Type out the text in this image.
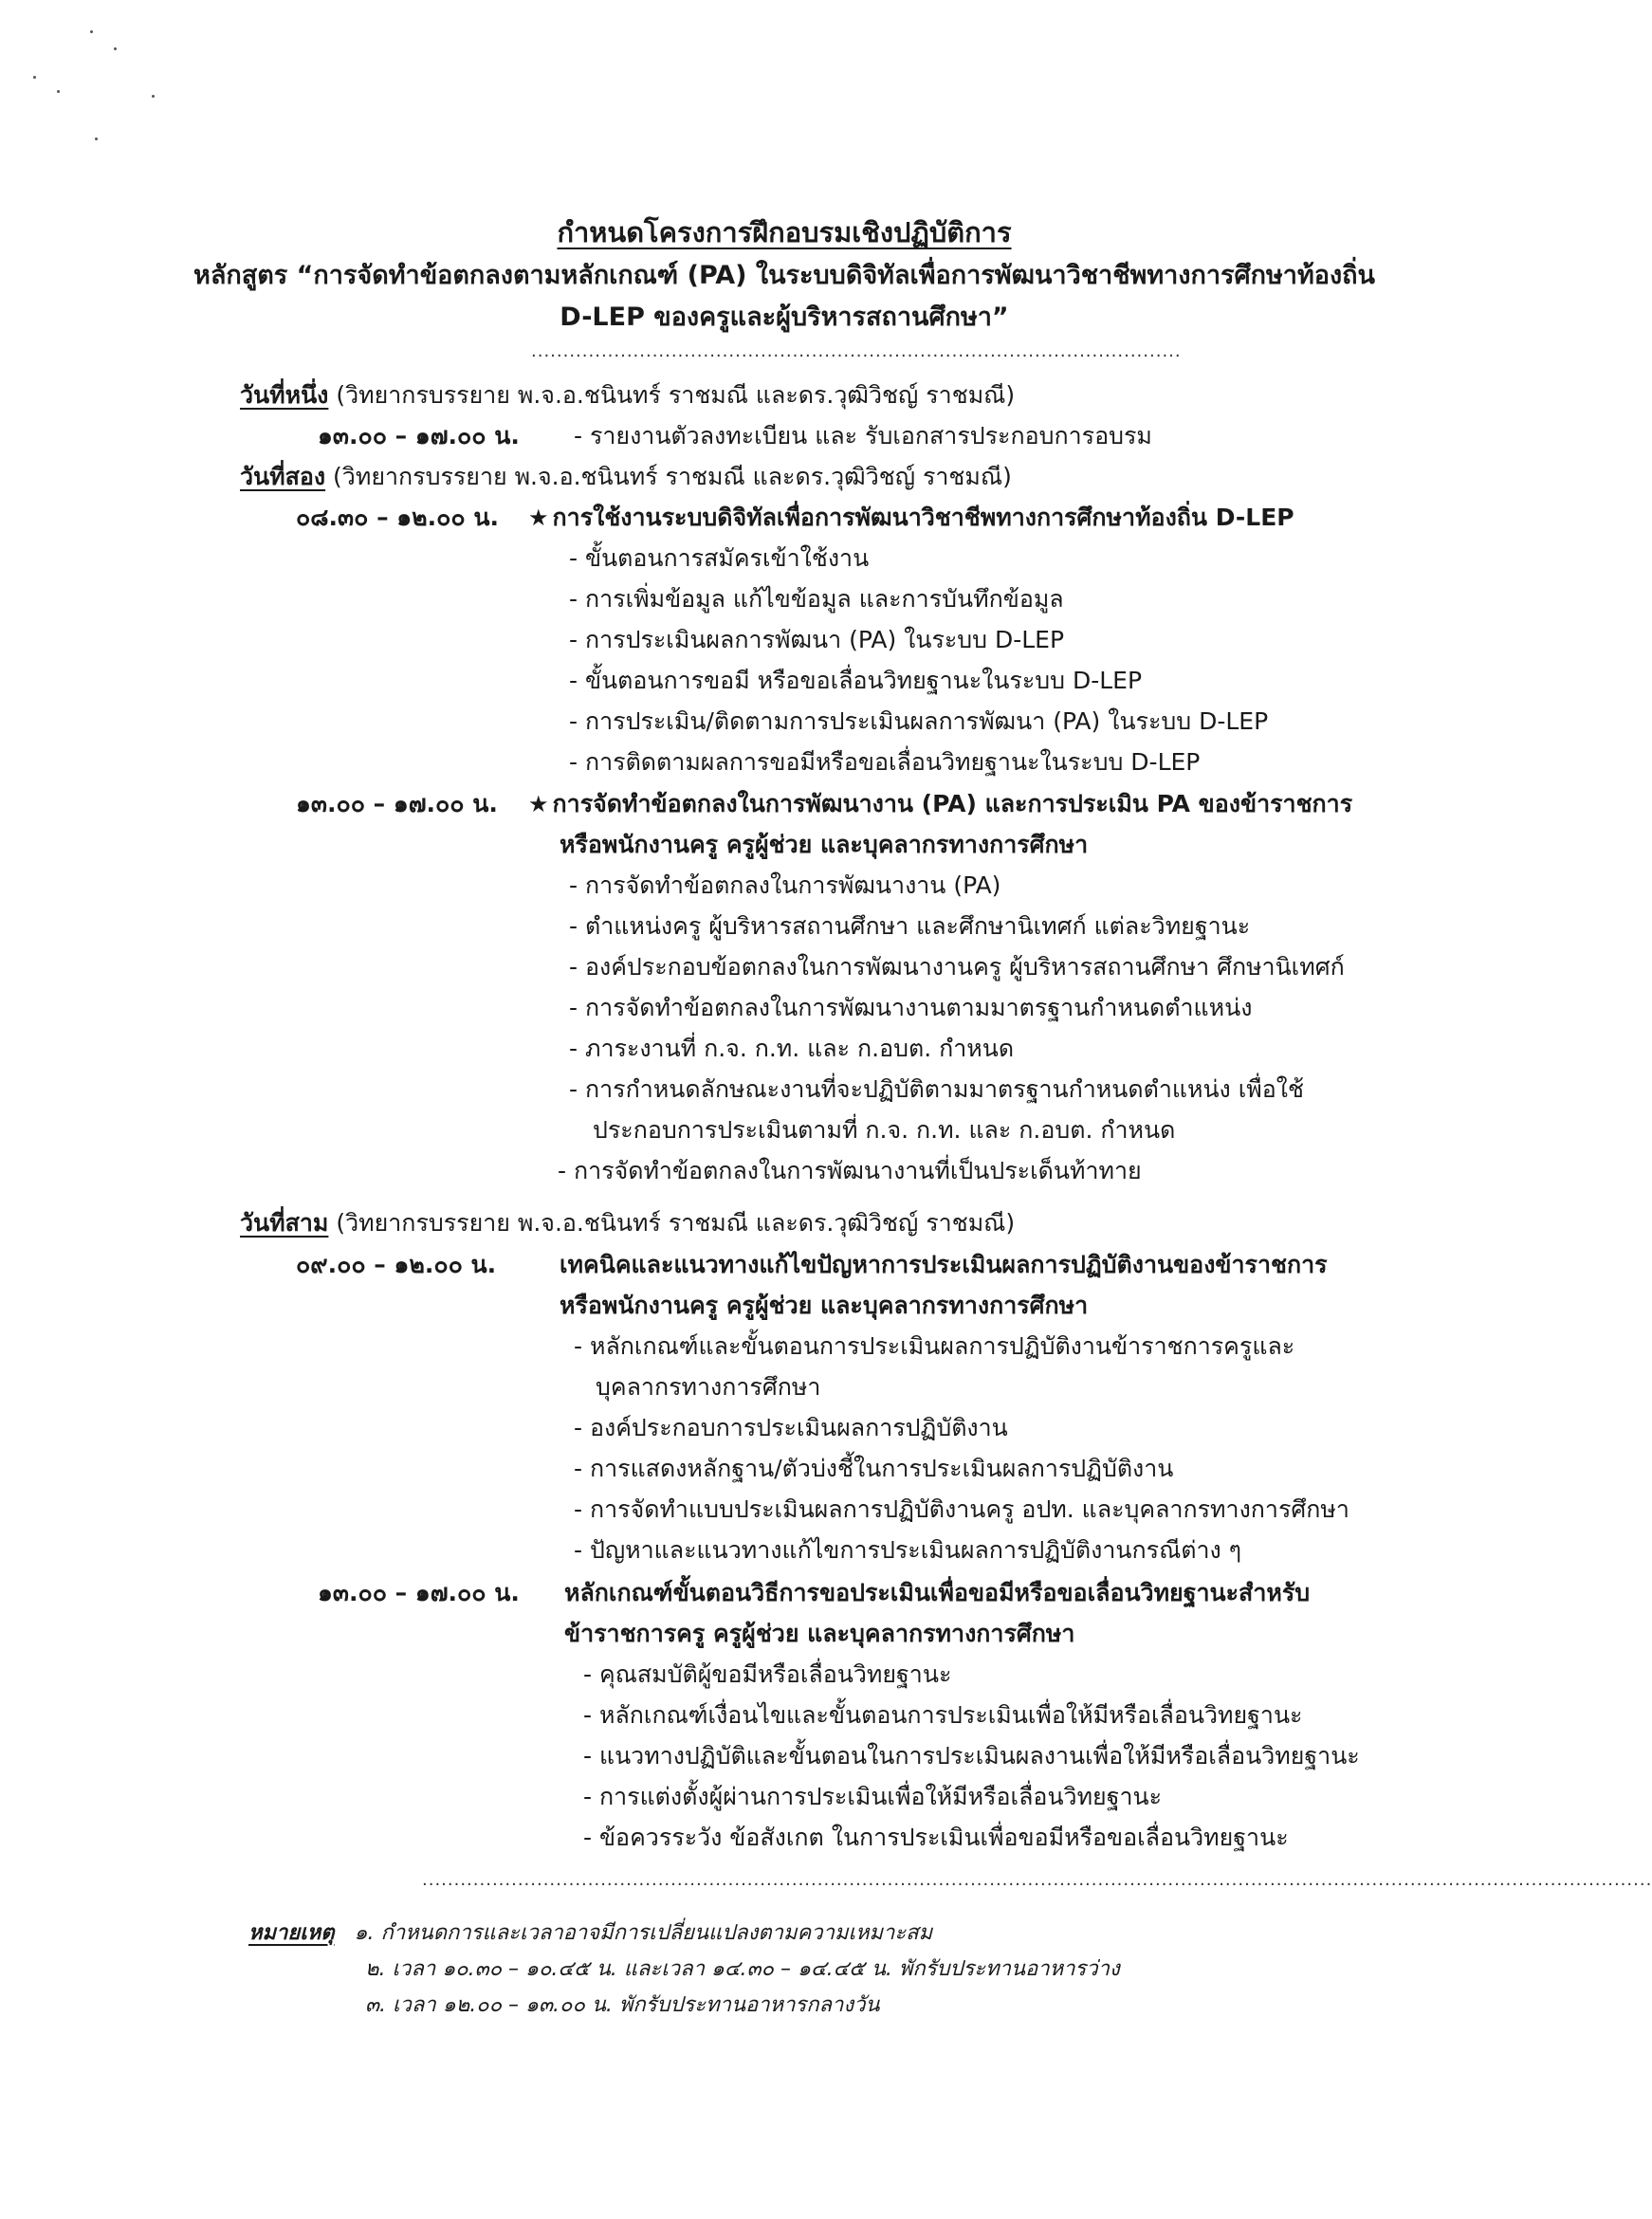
กำหนดโครงการฝึกอบรมเชิงปฏิบัติการ
หลักสูตร “การจัดทำข้อตกลงตามหลักเกณฑ์ (PA) ในระบบดิจิทัลเพื่อการพัฒนาวิชาชีพทางการศึกษาท้องถิ่น
D-LEP ของครูและผู้บริหารสถานศึกษา”
......................................................................................................
วันที่หนึ่ง (วิทยากรบรรยาย พ.จ.อ.ชนินทร์ ราชมณี และดร.วุฒิวิชญ์ ราชมณี)
๑๓.๐๐ – ๑๗.๐๐ น. - รายงานตัวลงทะเบียน และ รับเอกสารประกอบการอบรม
วันที่สอง (วิทยากรบรรยาย พ.จ.อ.ชนินทร์ ราชมณี และดร.วุฒิวิชญ์ ราชมณี)
๐๘.๓๐ – ๑๒.๐๐ น. ★ การใช้งานระบบดิจิทัลเพื่อการพัฒนาวิชาชีพทางการศึกษาท้องถิ่น D-LEP
- ขั้นตอนการสมัครเข้าใช้งาน
- การเพิ่มข้อมูล แก้ไขข้อมูล และการบันทึกข้อมูล
- การประเมินผลการพัฒนา (PA) ในระบบ D-LEP
- ขั้นตอนการขอมี หรือขอเลื่อนวิทยฐานะในระบบ D-LEP
- การประเมิน/ติดตามการประเมินผลการพัฒนา (PA) ในระบบ D-LEP
- การติดตามผลการขอมีหรือขอเลื่อนวิทยฐานะในระบบ D-LEP
๑๓.๐๐ – ๑๗.๐๐ น. ★ การจัดทำข้อตกลงในการพัฒนางาน (PA) และการประเมิน PA ของข้าราชการ
หรือพนักงานครู ครูผู้ช่วย และบุคลากรทางการศึกษา
- การจัดทำข้อตกลงในการพัฒนางาน (PA)
- ตำแหน่งครู ผู้บริหารสถานศึกษา และศึกษานิเทศก์ แต่ละวิทยฐานะ
- องค์ประกอบข้อตกลงในการพัฒนางานครู ผู้บริหารสถานศึกษา ศึกษานิเทศก์
- การจัดทำข้อตกลงในการพัฒนางานตามมาตรฐานกำหนดตำแหน่ง
- ภาระงานที่ ก.จ. ก.ท. และ ก.อบต. กำหนด
- การกำหนดลักษณะงานที่จะปฏิบัติตามมาตรฐานกำหนดตำแหน่ง เพื่อใช้
ประกอบการประเมินตามที่ ก.จ. ก.ท. และ ก.อบต. กำหนด
- การจัดทำข้อตกลงในการพัฒนางานที่เป็นประเด็นท้าทาย
วันที่สาม (วิทยากรบรรยาย พ.จ.อ.ชนินทร์ ราชมณี และดร.วุฒิวิชญ์ ราชมณี)
๐๙.๐๐ – ๑๒.๐๐ น.	เทคนิคและแนวทางแก้ไขปัญหาการประเมินผลการปฏิบัติงานของข้าราชการ
หรือพนักงานครู ครูผู้ช่วย และบุคลากรทางการศึกษา
- หลักเกณฑ์และขั้นตอนการประเมินผลการปฏิบัติงานข้าราชการครูและ
บุคลากรทางการศึกษา
- องค์ประกอบการประเมินผลการปฏิบัติงาน
- การแสดงหลักฐาน/ตัวบ่งชี้ในการประเมินผลการปฏิบัติงาน
- การจัดทำแบบประเมินผลการปฏิบัติงานครู อปท. และบุคลากรทางการศึกษา
- ปัญหาและแนวทางแก้ไขการประเมินผลการปฏิบัติงานกรณีต่าง ๆ
๑๓.๐๐ – ๑๗.๐๐ น. หลักเกณฑ์ขั้นตอนวิธีการขอประเมินเพื่อขอมีหรือขอเลื่อนวิทยฐานะสำหรับ
ข้าราชการครู ครูผู้ช่วย และบุคลากรทางการศึกษา
- คุณสมบัติผู้ขอมีหรือเลื่อนวิทยฐานะ
- หลักเกณฑ์เงื่อนไขและขั้นตอนการประเมินเพื่อให้มีหรือเลื่อนวิทยฐานะ
- แนวทางปฏิบัติและขั้นตอนในการประเมินผลงานเพื่อให้มีหรือเลื่อนวิทยฐานะ
- การแต่งตั้งผู้ผ่านการประเมินเพื่อให้มีหรือเลื่อนวิทยฐานะ
- ข้อควรระวัง ข้อสังเกต ในการประเมินเพื่อขอมีหรือขอเลื่อนวิทยฐานะ
.................................................................................................................................................................................................
หมายเหตุ ๑. กำหนดการและเวลาอาจมีการเปลี่ยนแปลงตามความเหมาะสม
๒. เวลา ๑๐.๓๐ – ๑๐.๔๕ น. และเวลา ๑๔.๓๐ – ๑๔.๔๕ น. พักรับประทานอาหารว่าง
๓. เวลา ๑๒.๐๐ – ๑๓.๐๐ น. พักรับประทานอาหารกลางวัน
